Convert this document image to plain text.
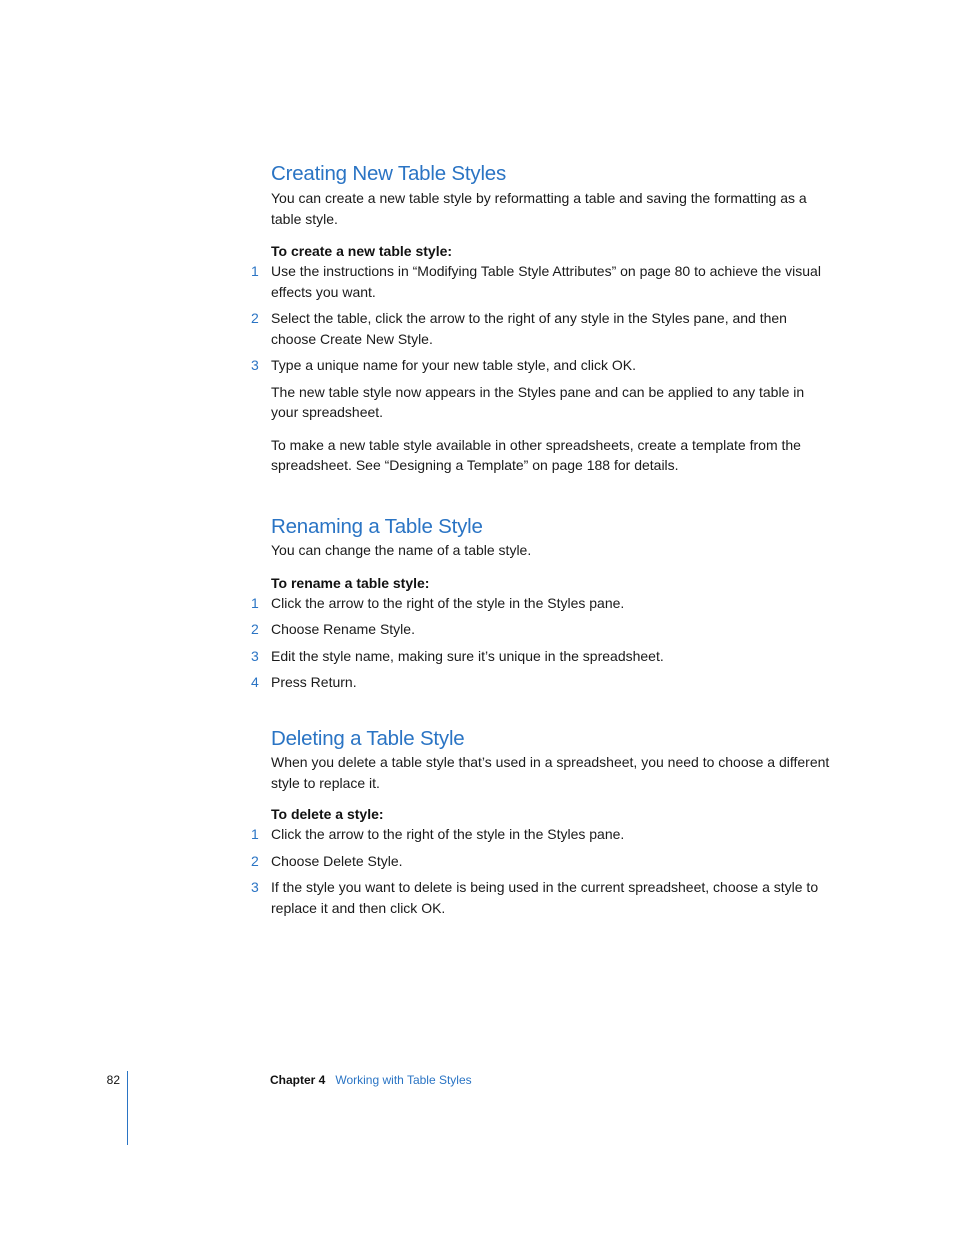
Creating New Table Styles

You can create a new table style by reformatting a table and saving the formatting as a table style.

To create a new table style:

1 Use the instructions in “Modifying Table Style Attributes” on page 80 to achieve the visual effects you want.
2 Select the table, click the arrow to the right of any style in the Styles pane, and then choose Create New Style.
3 Type a unique name for your new table style, and click OK.

The new table style now appears in the Styles pane and can be applied to any table in your spreadsheet.

To make a new table style available in other spreadsheets, create a template from the spreadsheet. See “Designing a Template” on page 188 for details.

Renaming a Table Style

You can change the name of a table style.

To rename a table style:

1 Click the arrow to the right of the style in the Styles pane.
2 Choose Rename Style.
3 Edit the style name, making sure it’s unique in the spreadsheet.
4 Press Return.
Deleting a Table Style

When you delete a table style that’s used in a spreadsheet, you need to choose a different style to replace it.

To delete a style:

1 Click the arrow to the right of the style in the Styles pane.
2 Choose Delete Style.
3 If the style you want to delete is being used in the current spreadsheet, choose a style to replace it and then click OK.
82	Chapter 4 Working with Table Styles
